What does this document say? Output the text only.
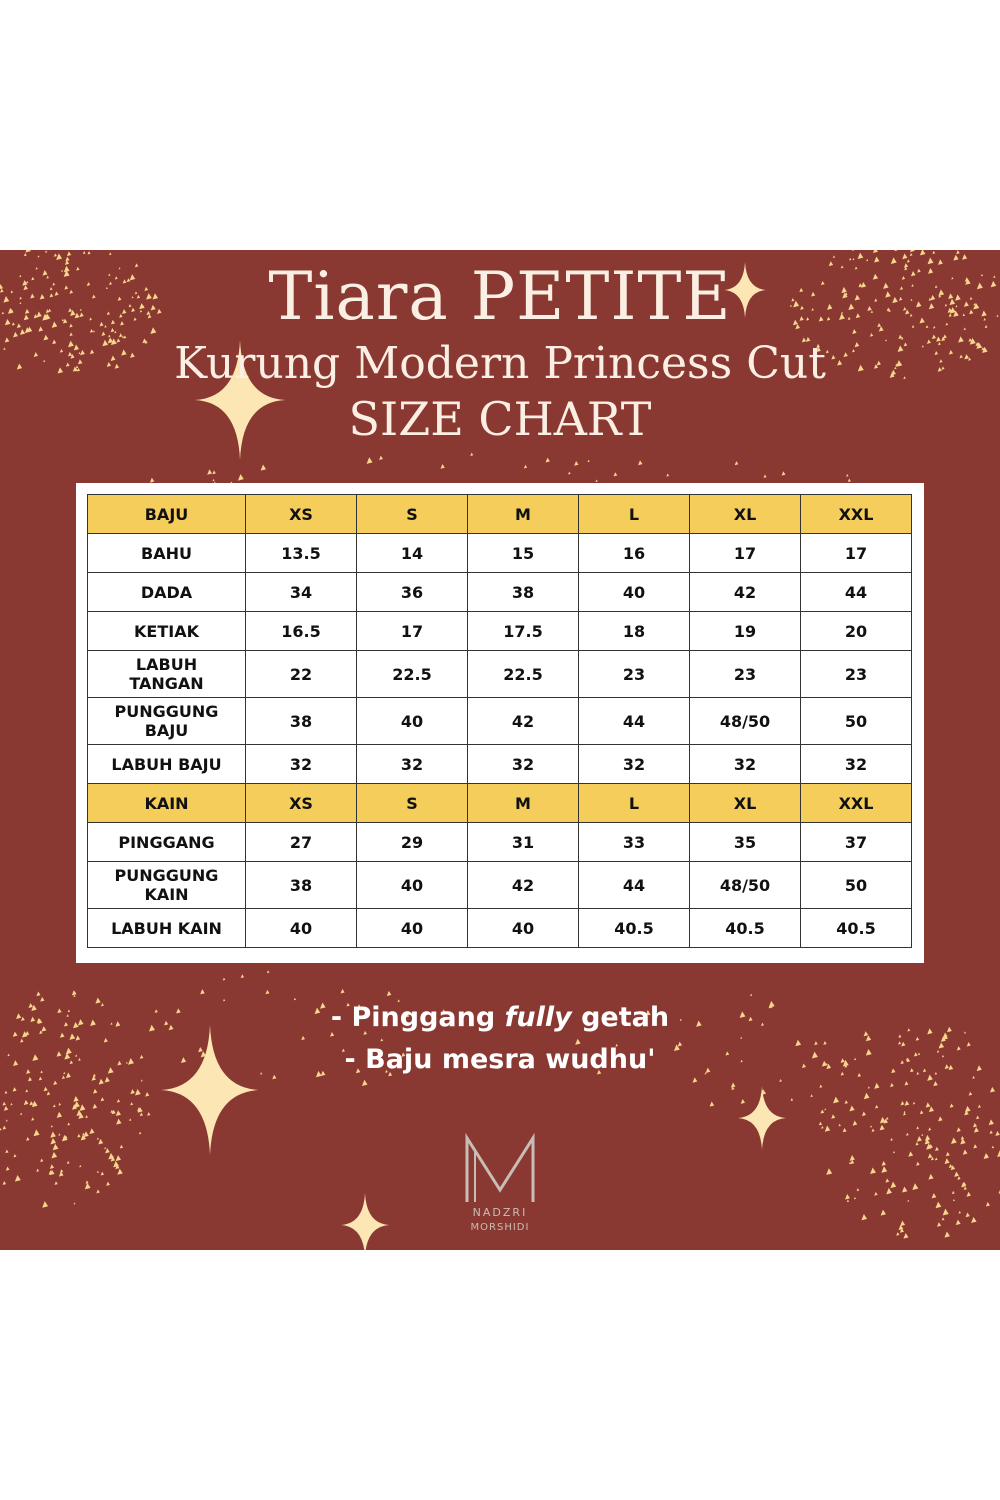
Tiara PETITE
Kurung Modern Princess Cut
SIZE CHART
BAJU	XS	S	M	L	XL	XXL
BAHU	13.5	14	15	16	17	17
DADA	34	36	38	40	42	44
KETIAK	16.5	17	17.5	18	19	20
LABUH TANGAN	22	22.5	22.5	23	23	23
PUNGGUNG BAJU	38	40	42	44	48/50	50
LABUH BAJU	32	32	32	32	32	32
KAIN	XS	S	M	L	XL	XXL
PINGGANG	27	29	31	33	35	37
PUNGGUNG KAIN	38	40	42	44	48/50	50
LABUH KAIN	40	40	40	40.5	40.5	40.5
- Pinggang fully getah
- Baju mesra wudhu'
NADZRI
MORSHIDI
